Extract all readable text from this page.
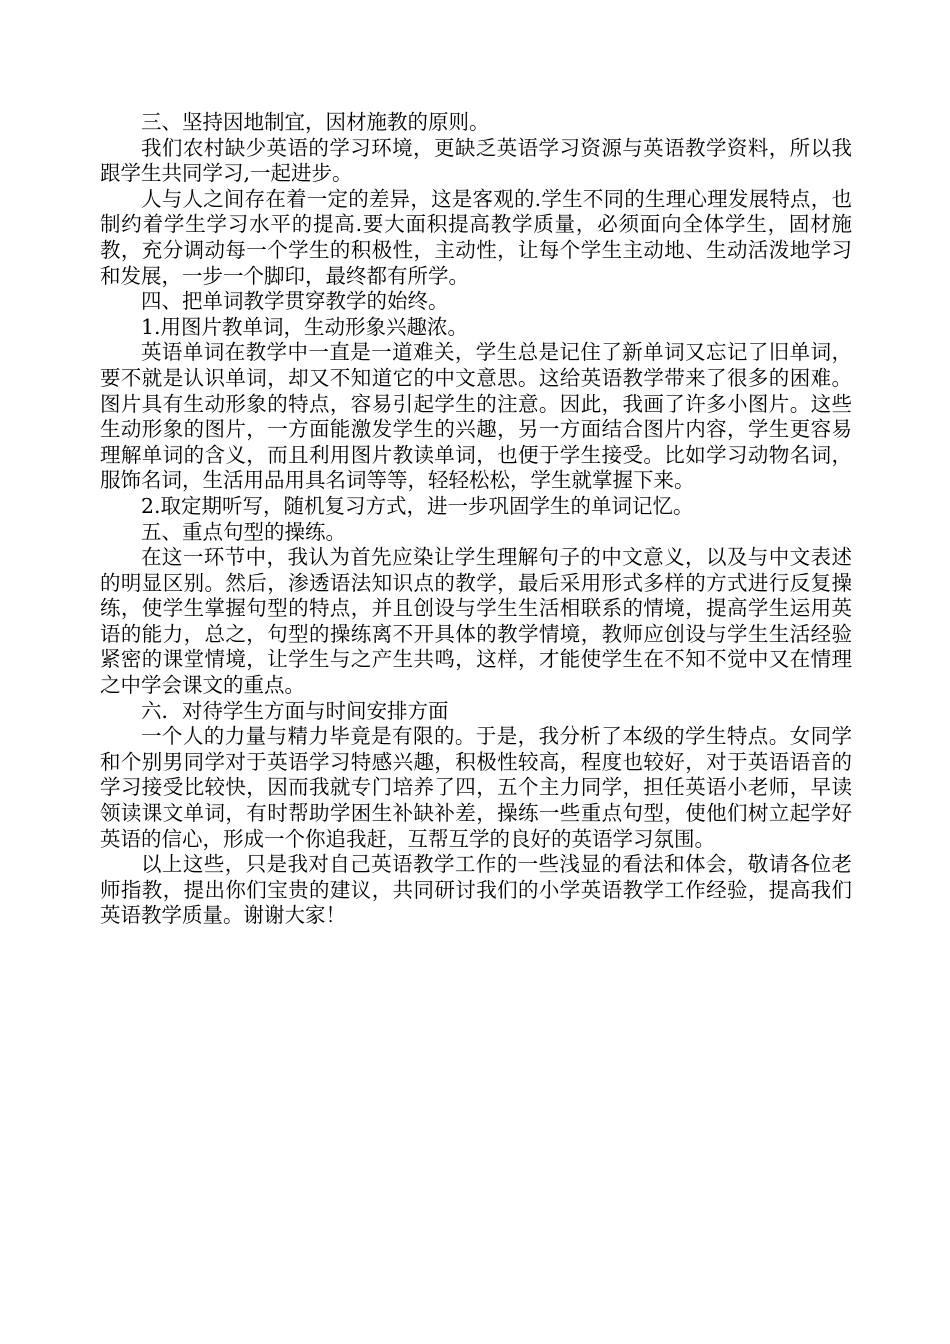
三、坚持因地制宜，因材施教的原则。

我们农村缺少英语的学习环境，更缺乏英语学习资源与英语教学资料，所以我跟学生共同学习,一起进步。

人与人之间存在着一定的差异，这是客观的.学生不同的生理心理发展特点，也制约着学生学习水平的提高.要大面积提高教学质量，必须面向全体学生，固材施教，充分调动每一个学生的积极性，主动性，让每个学生主动地、生动活泼地学习和发展，一步一个脚印，最终都有所学。

四、把单词教学贯穿教学的始终。

1.用图片教单词，生动形象兴趣浓。

英语单词在教学中一直是一道难关，学生总是记住了新单词又忘记了旧单词，要不就是认识单词，却又不知道它的中文意思。这给英语教学带来了很多的困难。图片具有生动形象的特点，容易引起学生的注意。因此，我画了许多小图片。这些生动形象的图片，一方面能激发学生的兴趣，另一方面结合图片内容，学生更容易理解单词的含义，而且利用图片教读单词，也便于学生接受。比如学习动物名词，服饰名词，生活用品用具名词等等，轻轻松松，学生就掌握下来。

2.取定期听写，随机复习方式，进一步巩固学生的单词记忆。

五、重点句型的操练。

在这一环节中，我认为首先应染让学生理解句子的中文意义，以及与中文表述的明显区别。然后，渗透语法知识点的教学，最后采用形式多样的方式进行反复操练，使学生掌握句型的特点，并且创设与学生生活相联系的情境，提高学生运用英语的能力，总之，句型的操练离不开具体的教学情境，教师应创设与学生生活经验紧密的课堂情境，让学生与之产生共鸣，这样，才能使学生在不知不觉中又在情理之中学会课文的重点。

六．对待学生方面与时间安排方面

一个人的力量与精力毕竟是有限的。于是，我分析了本级的学生特点。女同学和个别男同学对于英语学习特感兴趣，积极性较高，程度也较好，对于英语语音的学习接受比较快，因而我就专门培养了四，五个主力同学，担任英语小老师，早读领读课文单词，有时帮助学困生补缺补差，操练一些重点句型，使他们树立起学好英语的信心，形成一个你追我赶，互帮互学的良好的英语学习氛围。

以上这些，只是我对自己英语教学工作的一些浅显的看法和体会，敬请各位老师指教，提出你们宝贵的建议，共同研讨我们的小学英语教学工作经验，提高我们英语教学质量。谢谢大家！
